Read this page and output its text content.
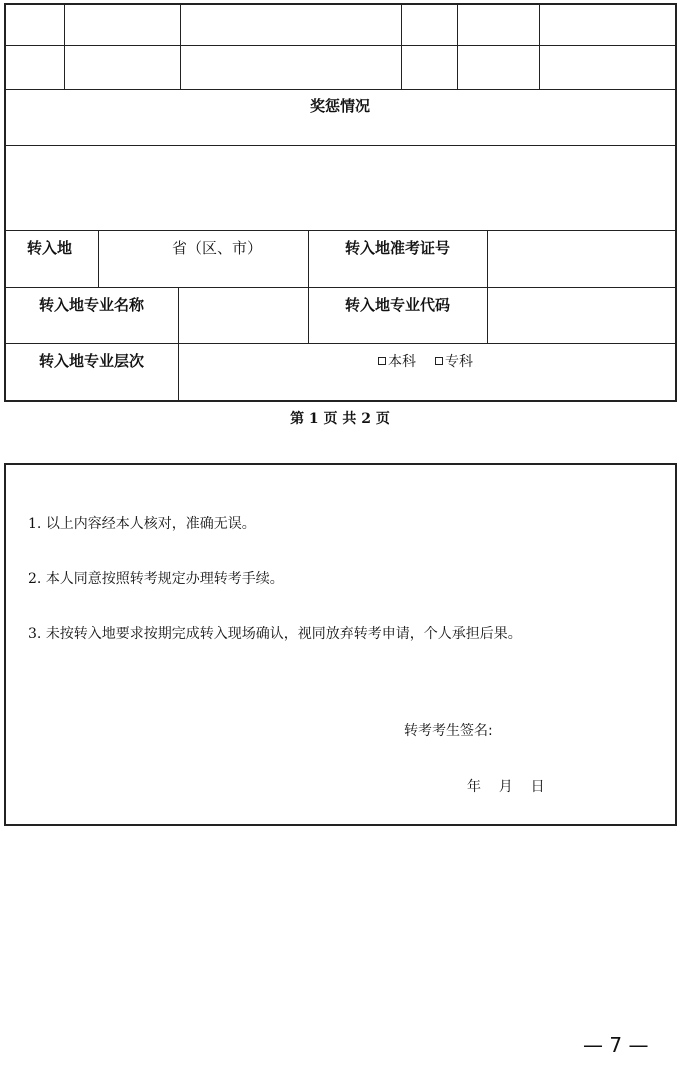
奖惩情况
转入地	省（区、市）	转入地准考证号
转入地专业名称	转入地专业代码
转入地专业层次	本科	专科
第 1 页 共 2 页
1. 以上内容经本人核对，准确无误。
2. 本人同意按照转考规定办理转考手续。
3. 未按转入地要求按期完成转入现场确认，视同放弃转考申请，个人承担后果。
转考考生签名:
年    月    日
— 7 —
